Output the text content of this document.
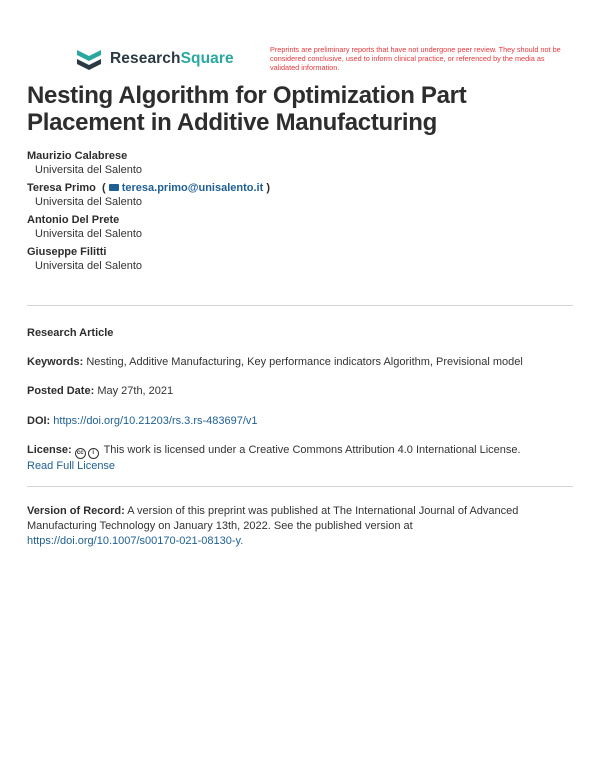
ResearchSquare
Preprints are preliminary reports that have not undergone peer review. They should not be considered conclusive, used to inform clinical practice, or referenced by the media as validated information.
Nesting Algorithm for Optimization Part Placement in Additive Manufacturing
Maurizio Calabrese
Universita del Salento
Teresa Primo  ( teresa.primo@unisalento.it )
Universita del Salento
Antonio Del Prete
Universita del Salento
Giuseppe Filitti
Universita del Salento

Research Article

Keywords: Nesting, Additive Manufacturing, Key performance indicators Algorithm, Previsional model

Posted Date: May 27th, 2021

DOI: https://doi.org/10.21203/rs.3.rs-483697/v1

License: cc i This work is licensed under a Creative Commons Attribution 4.0 International License.
Read Full License

Version of Record: A version of this preprint was published at The International Journal of Advanced Manufacturing Technology on January 13th, 2022. See the published version at
https://doi.org/10.1007/s00170-021-08130-y.
